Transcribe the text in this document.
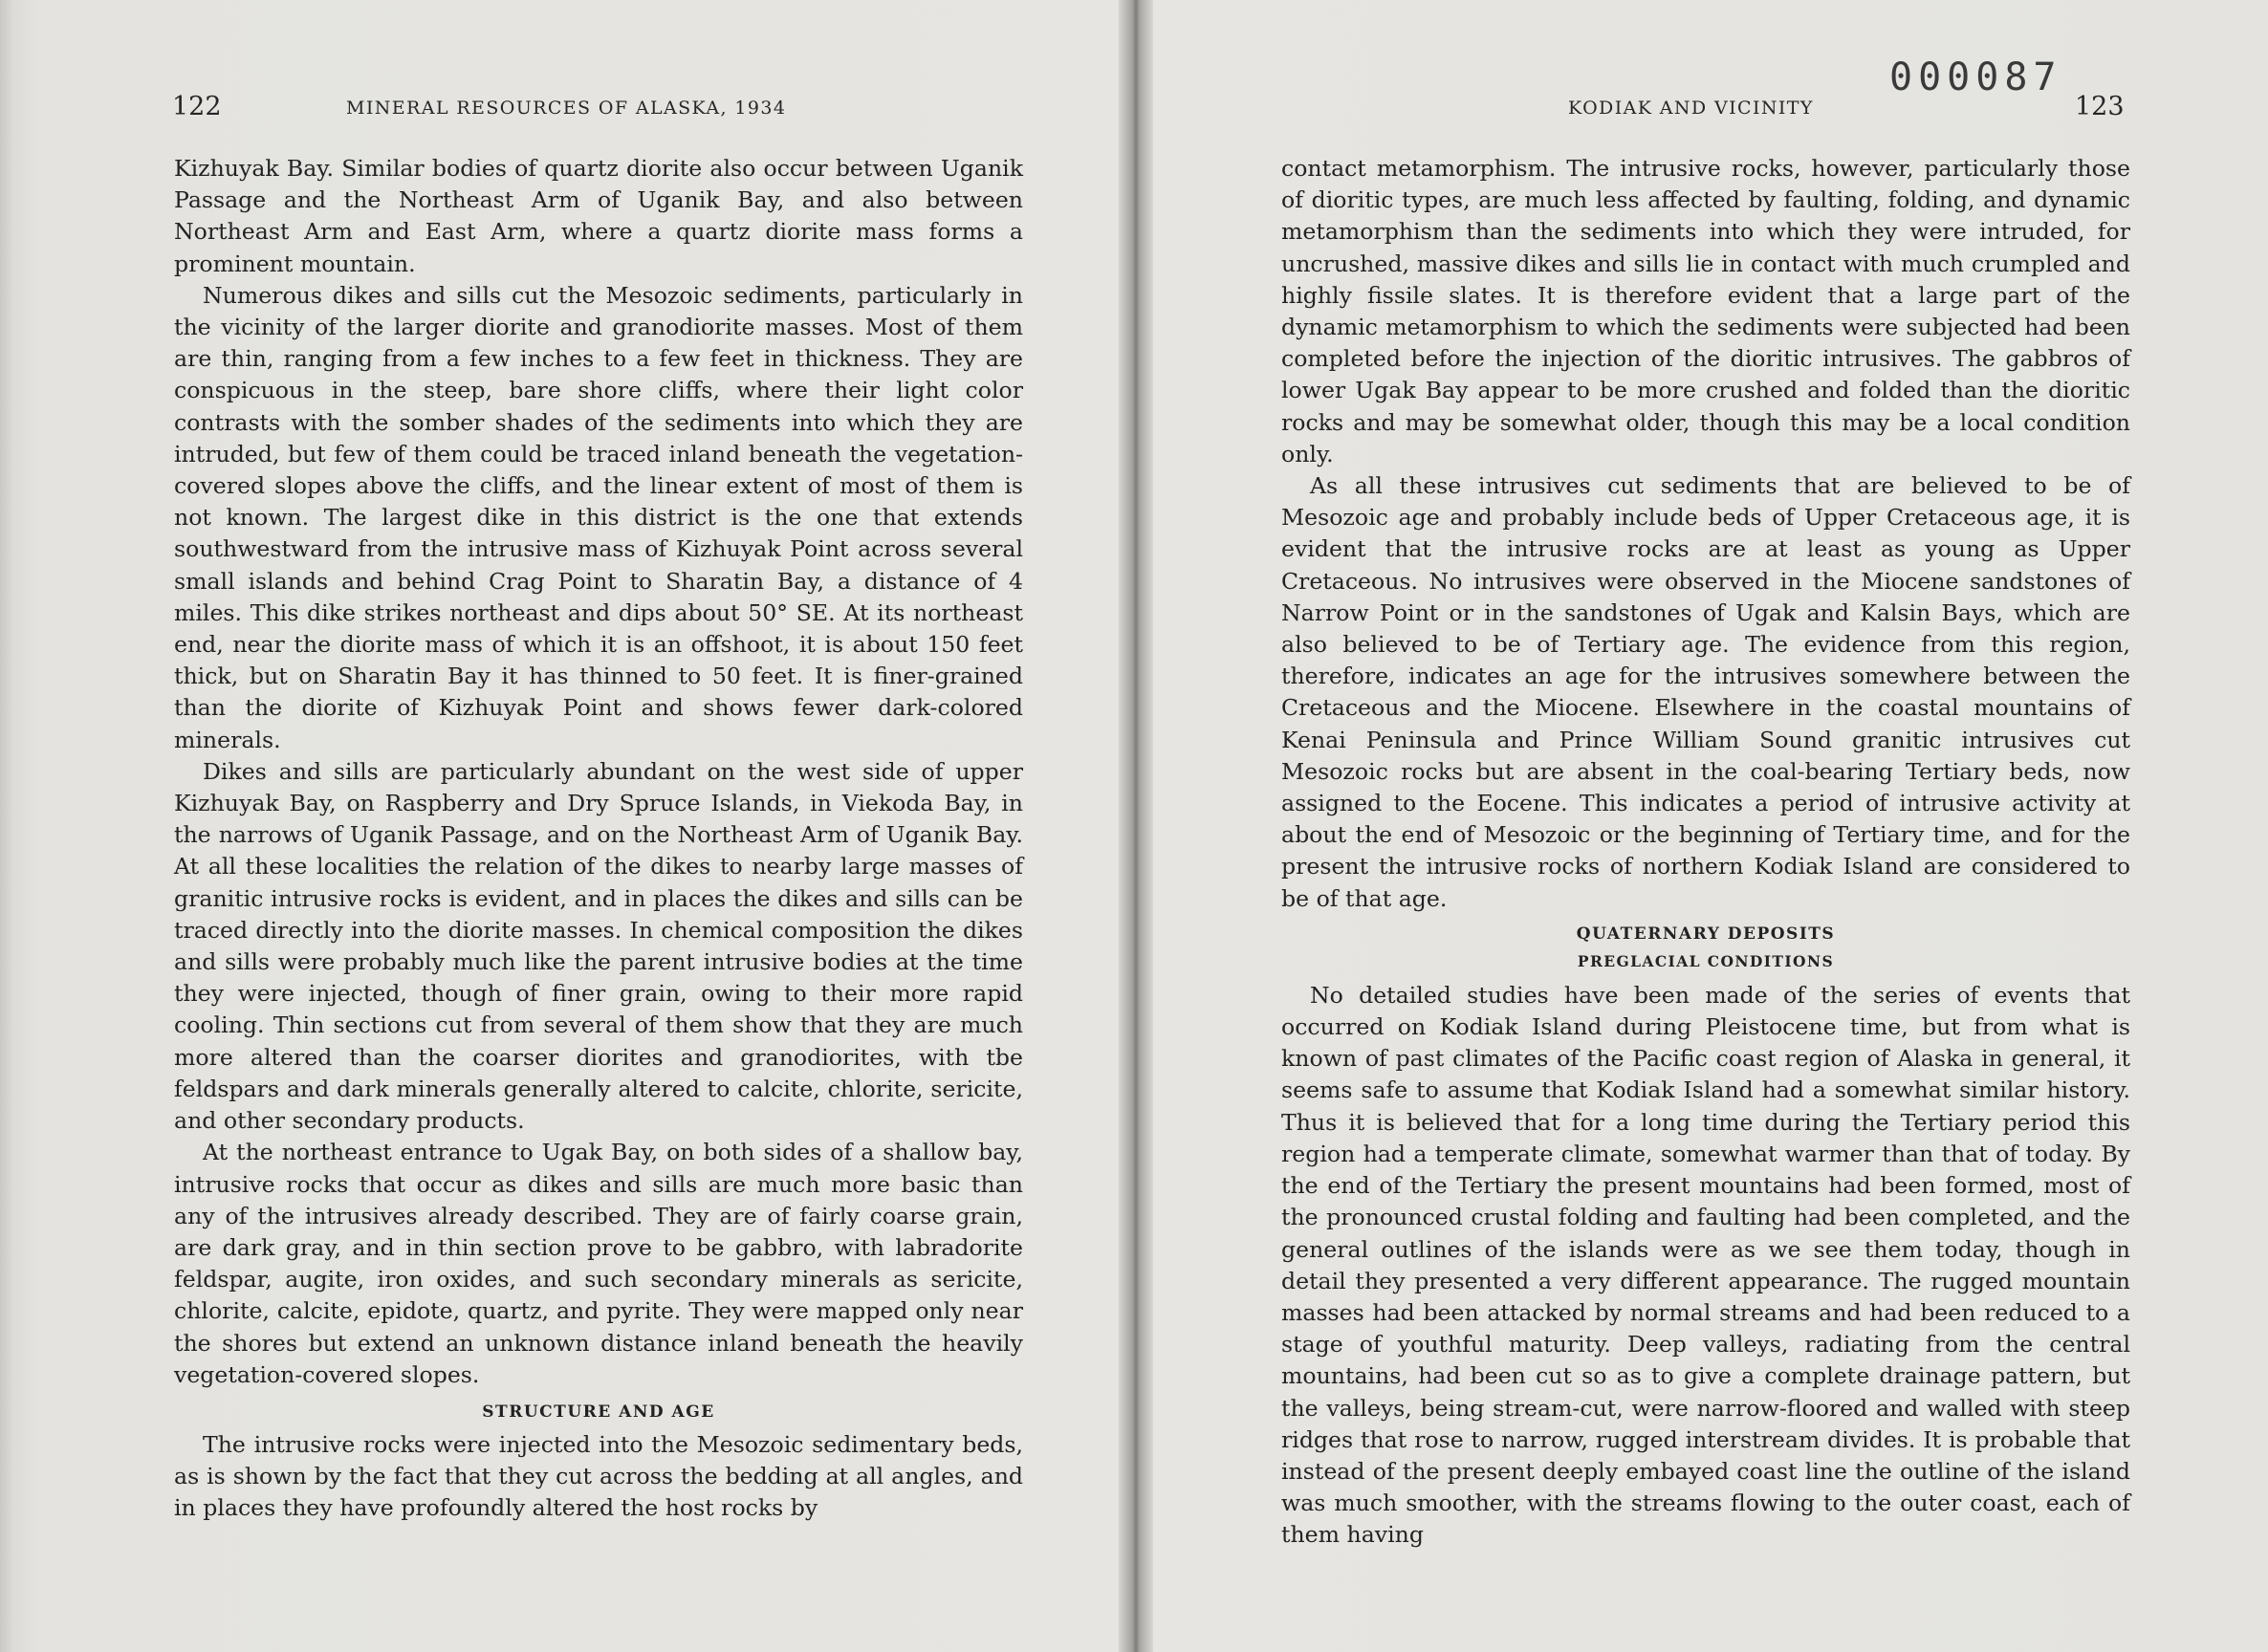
122	MINERAL RESOURCES OF ALASKA, 1934

Kizhuyak Bay. Similar bodies of quartz diorite also occur between Uganik Passage and the Northeast Arm of Uganik Bay, and also between Northeast Arm and East Arm, where a quartz diorite mass forms a prominent mountain.

Numerous dikes and sills cut the Mesozoic sediments, particularly in the vicinity of the larger diorite and granodiorite masses. Most of them are thin, ranging from a few inches to a few feet in thickness. They are conspicuous in the steep, bare shore cliffs, where their light color contrasts with the somber shades of the sediments into which they are intruded, but few of them could be traced inland beneath the vegetation-covered slopes above the cliffs, and the linear extent of most of them is not known. The largest dike in this district is the one that extends southwestward from the intrusive mass of Kizhuyak Point across several small islands and behind Crag Point to Sharatin Bay, a distance of 4 miles. This dike strikes northeast and dips about 50° SE. At its northeast end, near the diorite mass of which it is an offshoot, it is about 150 feet thick, but on Sharatin Bay it has thinned to 50 feet. It is finer-grained than the diorite of Kizhuyak Point and shows fewer dark-colored minerals.

Dikes and sills are particularly abundant on the west side of upper Kizhuyak Bay, on Raspberry and Dry Spruce Islands, in Viekoda Bay, in the narrows of Uganik Passage, and on the Northeast Arm of Uganik Bay. At all these localities the relation of the dikes to nearby large masses of granitic intrusive rocks is evident, and in places the dikes and sills can be traced directly into the diorite masses. In chemical composition the dikes and sills were probably much like the parent intrusive bodies at the time they were injected, though of finer grain, owing to their more rapid cooling. Thin sections cut from several of them show that they are much more altered than the coarser diorites and granodiorites, with tbe feldspars and dark minerals generally altered to calcite, chlorite, sericite, and other secondary products.

At the northeast entrance to Ugak Bay, on both sides of a shallow bay, intrusive rocks that occur as dikes and sills are much more basic than any of the intrusives already described. They are of fairly coarse grain, are dark gray, and in thin section prove to be gabbro, with labradorite feldspar, augite, iron oxides, and such secondary minerals as sericite, chlorite, calcite, epidote, quartz, and pyrite. They were mapped only near the shores but extend an unknown distance inland beneath the heavily vegetation-covered slopes.

STRUCTURE AND AGE

The intrusive rocks were injected into the Mesozoic sedimentary beds, as is shown by the fact that they cut across the bedding at all angles, and in places they have profoundly altered the host rocks by

000087
KODIAK AND VICINITY	123

contact metamorphism. The intrusive rocks, however, particularly those of dioritic types, are much less affected by faulting, folding, and dynamic metamorphism than the sediments into which they were intruded, for uncrushed, massive dikes and sills lie in contact with much crumpled and highly fissile slates. It is therefore evident that a large part of the dynamic metamorphism to which the sediments were subjected had been completed before the injection of the dioritic intrusives. The gabbros of lower Ugak Bay appear to be more crushed and folded than the dioritic rocks and may be somewhat older, though this may be a local condition only.

As all these intrusives cut sediments that are believed to be of Mesozoic age and probably include beds of Upper Cretaceous age, it is evident that the intrusive rocks are at least as young as Upper Cretaceous. No intrusives were observed in the Miocene sandstones of Narrow Point or in the sandstones of Ugak and Kalsin Bays, which are also believed to be of Tertiary age. The evidence from this region, therefore, indicates an age for the intrusives somewhere between the Cretaceous and the Miocene. Elsewhere in the coastal mountains of Kenai Peninsula and Prince William Sound granitic intrusives cut Mesozoic rocks but are absent in the coal-bearing Tertiary beds, now assigned to the Eocene. This indicates a period of intrusive activity at about the end of Mesozoic or the beginning of Tertiary time, and for the present the intrusive rocks of northern Kodiak Island are considered to be of that age.

QUATERNARY DEPOSITS
PREGLACIAL CONDITIONS

No detailed studies have been made of the series of events that occurred on Kodiak Island during Pleistocene time, but from what is known of past climates of the Pacific coast region of Alaska in general, it seems safe to assume that Kodiak Island had a somewhat similar history. Thus it is believed that for a long time during the Tertiary period this region had a temperate climate, somewhat warmer than that of today. By the end of the Tertiary the present mountains had been formed, most of the pronounced crustal folding and faulting had been completed, and the general outlines of the islands were as we see them today, though in detail they presented a very different appearance. The rugged mountain masses had been attacked by normal streams and had been reduced to a stage of youthful maturity. Deep valleys, radiating from the central mountains, had been cut so as to give a complete drainage pattern, but the valleys, being stream-cut, were narrow-floored and walled with steep ridges that rose to narrow, rugged interstream divides. It is probable that instead of the present deeply embayed coast line the outline of the island was much smoother, with the streams flowing to the outer coast, each of them having
